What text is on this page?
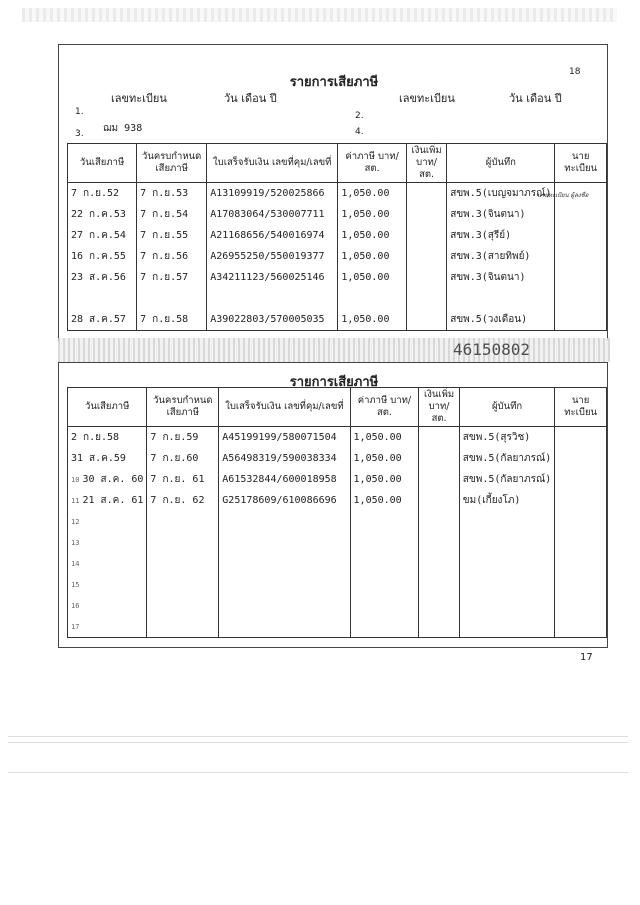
รายการเสียภาษี
18
เลขทะเบียน	วัน เดือน ปี	เลขทะเบียน	วัน เดือน ปี
1.	2.
ฌม 938
3.	4.
วันเสียภาษี	วันครบกำหนด เสียภาษี	ใบเสร็จรับเงิน เลขที่คุม/เลขที่	ค่าภาษี บาท/สต.	เงินเพิ่ม บาท/สต.	ผู้บันทึก	นายทะเบียน
7 ก.ย.52	7 ก.ย.53	A13109919/520025866	1,050.00		สขพ.5(เบญจมาภรณ์)	
22 ก.ค.53	7 ก.ย.54	A17083064/530007711	1,050.00		สขพ.3(จินตนา)	
27 ก.ค.54	7 ก.ย.55	A21168656/540016974	1,050.00		สขพ.3(สุรีย์)	
16 ก.ค.55	7 ก.ย.56	A26955250/550019377	1,050.00		สขพ.3(สายทิพย์)	
23 ส.ค.56	7 ก.ย.57	A34211123/560025146	1,050.00		สขพ.3(จินตนา)	

28 ส.ค.57	7 ก.ย.58	A39022803/570005035	1,050.00		สขพ.5(วงเดือน)	
นายทะเบียน ผู้ลงชื่อ
46150802
รายการเสียภาษี
วันเสียภาษี	วันครบกำหนด เสียภาษี	ใบเสร็จรับเงิน เลขที่คุม/เลขที่	ค่าภาษี บาท/สต.	เงินเพิ่ม บาท/สต.	ผู้บันทึก	นายทะเบียน
2 ก.ย.58	7 ก.ย.59	A45199199/580071504	1,050.00		สขพ.5(สุรวิช)	
31 ส.ค.59	7 ก.ย.60	A56498319/590038334	1,050.00		สขพ.5(กัลยาภรณ์)	
10 30 ส.ค. 60	7 ก.ย. 61	A61532844/600018958	1,050.00		สขพ.5(กัลยาภรณ์)	
11 21 ส.ค. 61	7 ก.ย. 62	G25178609/610086696	1,050.00		ขม(เกี้ยงโภ)	
12						
13						
14						
15						
16						
17						
17
